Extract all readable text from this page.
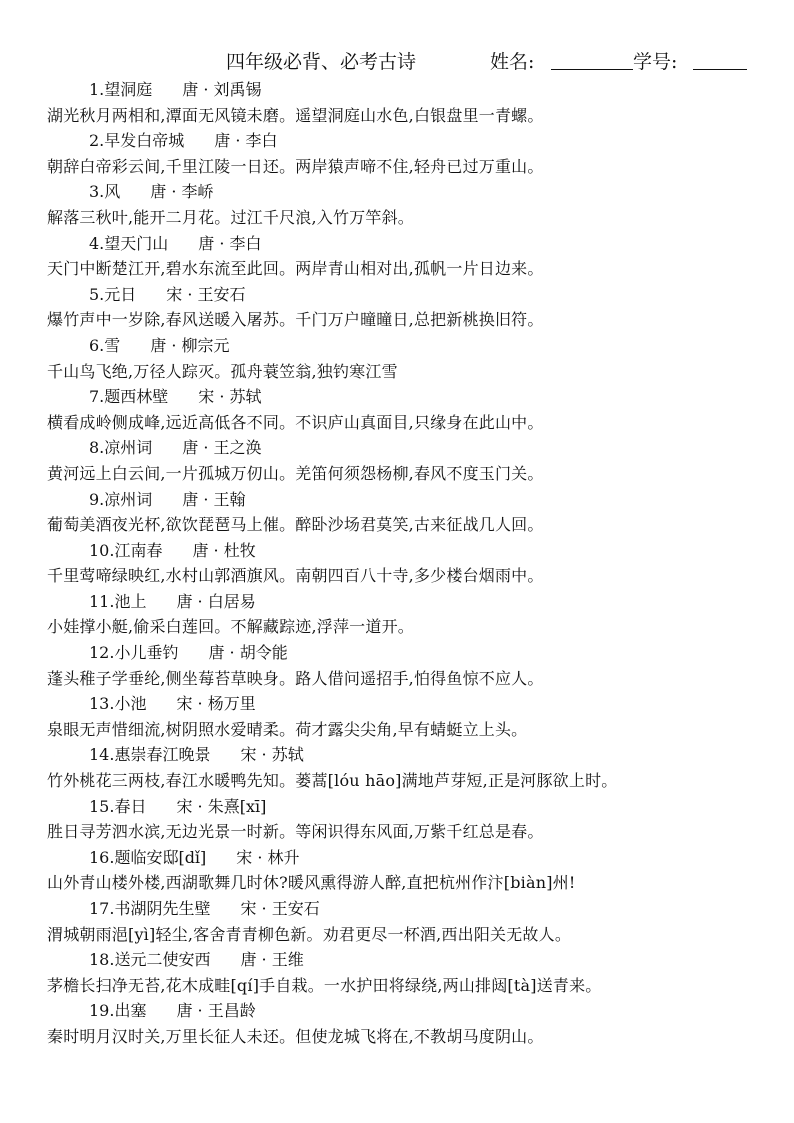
四年级必背、必考古诗	姓名:	学号:
1.望洞庭 唐 · 刘禹锡
湖光秋月两相和,潭面无风镜未磨。遥望洞庭山水色,白银盘里一青螺。
2.早发白帝城 唐 · 李白
朝辞白帝彩云间,千里江陵一日还。两岸猿声啼不住,轻舟已过万重山。
3.风 唐 · 李峤
解落三秋叶,能开二月花。过江千尺浪,入竹万竿斜。
4.望天门山 唐 · 李白
天门中断楚江开,碧水东流至此回。两岸青山相对出,孤帆一片日边来。
5.元日 宋 · 王安石
爆竹声中一岁除,春风送暖入屠苏。千门万户曈曈日,总把新桃换旧符。
6.雪 唐 · 柳宗元
千山鸟飞绝,万径人踪灭。孤舟蓑笠翁,独钓寒江雪
7.题西林壁 宋 · 苏轼
横看成岭侧成峰,远近高低各不同。不识庐山真面目,只缘身在此山中。
8.凉州词 唐 · 王之涣
黄河远上白云间,一片孤城万仞山。羌笛何须怨杨柳,春风不度玉门关。
9.凉州词 唐 · 王翰
葡萄美酒夜光杯,欲饮琵琶马上催。醉卧沙场君莫笑,古来征战几人回。
10.江南春 唐 · 杜牧
千里莺啼绿映红,水村山郭酒旗风。南朝四百八十寺,多少楼台烟雨中。
11.池上 唐 · 白居易
小娃撑小艇,偷采白莲回。不解藏踪迹,浮萍一道开。
12.小儿垂钓 唐 · 胡令能
蓬头稚子学垂纶,侧坐莓苔草映身。路人借问遥招手,怕得鱼惊不应人。
13.小池 宋 · 杨万里
泉眼无声惜细流,树阴照水爱晴柔。荷才露尖尖角,早有蜻蜓立上头。
14.惠崇春江晚景 宋 · 苏轼
竹外桃花三两枝,春江水暖鸭先知。蒌蒿[lóu hāo]满地芦芽短,正是河豚欲上时。
15.春日 宋 · 朱熹[xī]
胜日寻芳泗水滨,无边光景一时新。等闲识得东风面,万紫千红总是春。
16.题临安邸[dǐ] 宋 · 林升
山外青山楼外楼,西湖歌舞几时休?暖风熏得游人醉,直把杭州作汴[biàn]州!
17.书湖阴先生壁 宋 · 王安石
渭城朝雨浥[yì]轻尘,客舍青青柳色新。劝君更尽一杯酒,西出阳关无故人。
18.送元二使安西 唐 · 王维
茅檐长扫净无苔,花木成畦[qí]手自栽。一水护田将绿绕,两山排闼[tà]送青来。
19.出塞 唐 · 王昌龄
秦时明月汉时关,万里长征人未还。但使龙城飞将在,不教胡马度阴山。
